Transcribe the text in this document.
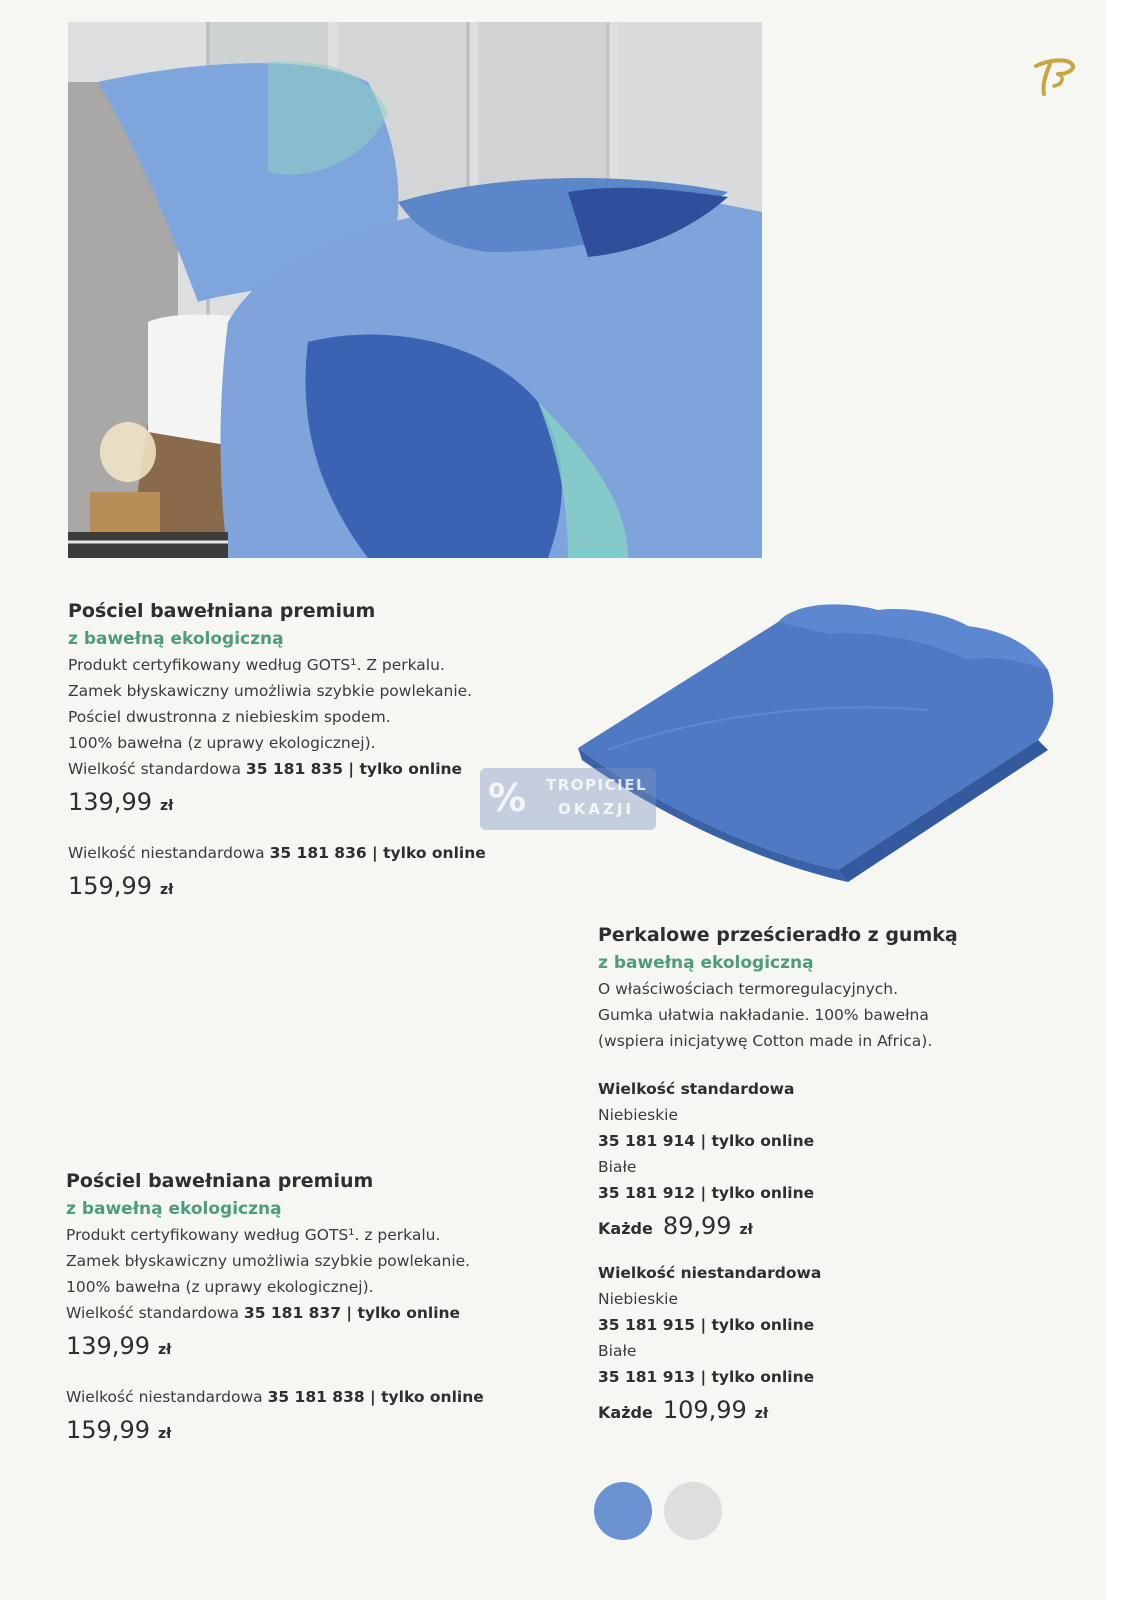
% TROPICIEL
OKAZJI
Pościel bawełniana premium
z bawełną ekologiczną
Produkt certyfikowany według GOTS¹. Z perkalu.
Zamek błyskawiczny umożliwia szybkie powlekanie.
Pościel dwustronna z niebieskim spodem.
100% bawełna (z uprawy ekologicznej).
Wielkość standardowa 35 181 835 | tylko online
139,99 zł
Wielkość niestandardowa 35 181 836 | tylko online
159,99 zł
Pościel bawełniana premium
z bawełną ekologiczną
Produkt certyfikowany według GOTS¹. z perkalu.
Zamek błyskawiczny umożliwia szybkie powlekanie.
100% bawełna (z uprawy ekologicznej).
Wielkość standardowa 35 181 837 | tylko online
139,99 zł
Wielkość niestandardowa 35 181 838 | tylko online
159,99 zł
Perkalowe prześcieradło z gumką
z bawełną ekologiczną
O właściwościach termoregulacyjnych.
Gumka ułatwia nakładanie. 100% bawełna
(wspiera inicjatywę Cotton made in Africa).
Wielkość standardowa
Niebieskie
35 181 914 | tylko online
Białe
35 181 912 | tylko online
Każde 89,99 zł
Wielkość niestandardowa
Niebieskie
35 181 915 | tylko online
Białe
35 181 913 | tylko online
Każde 109,99 zł
